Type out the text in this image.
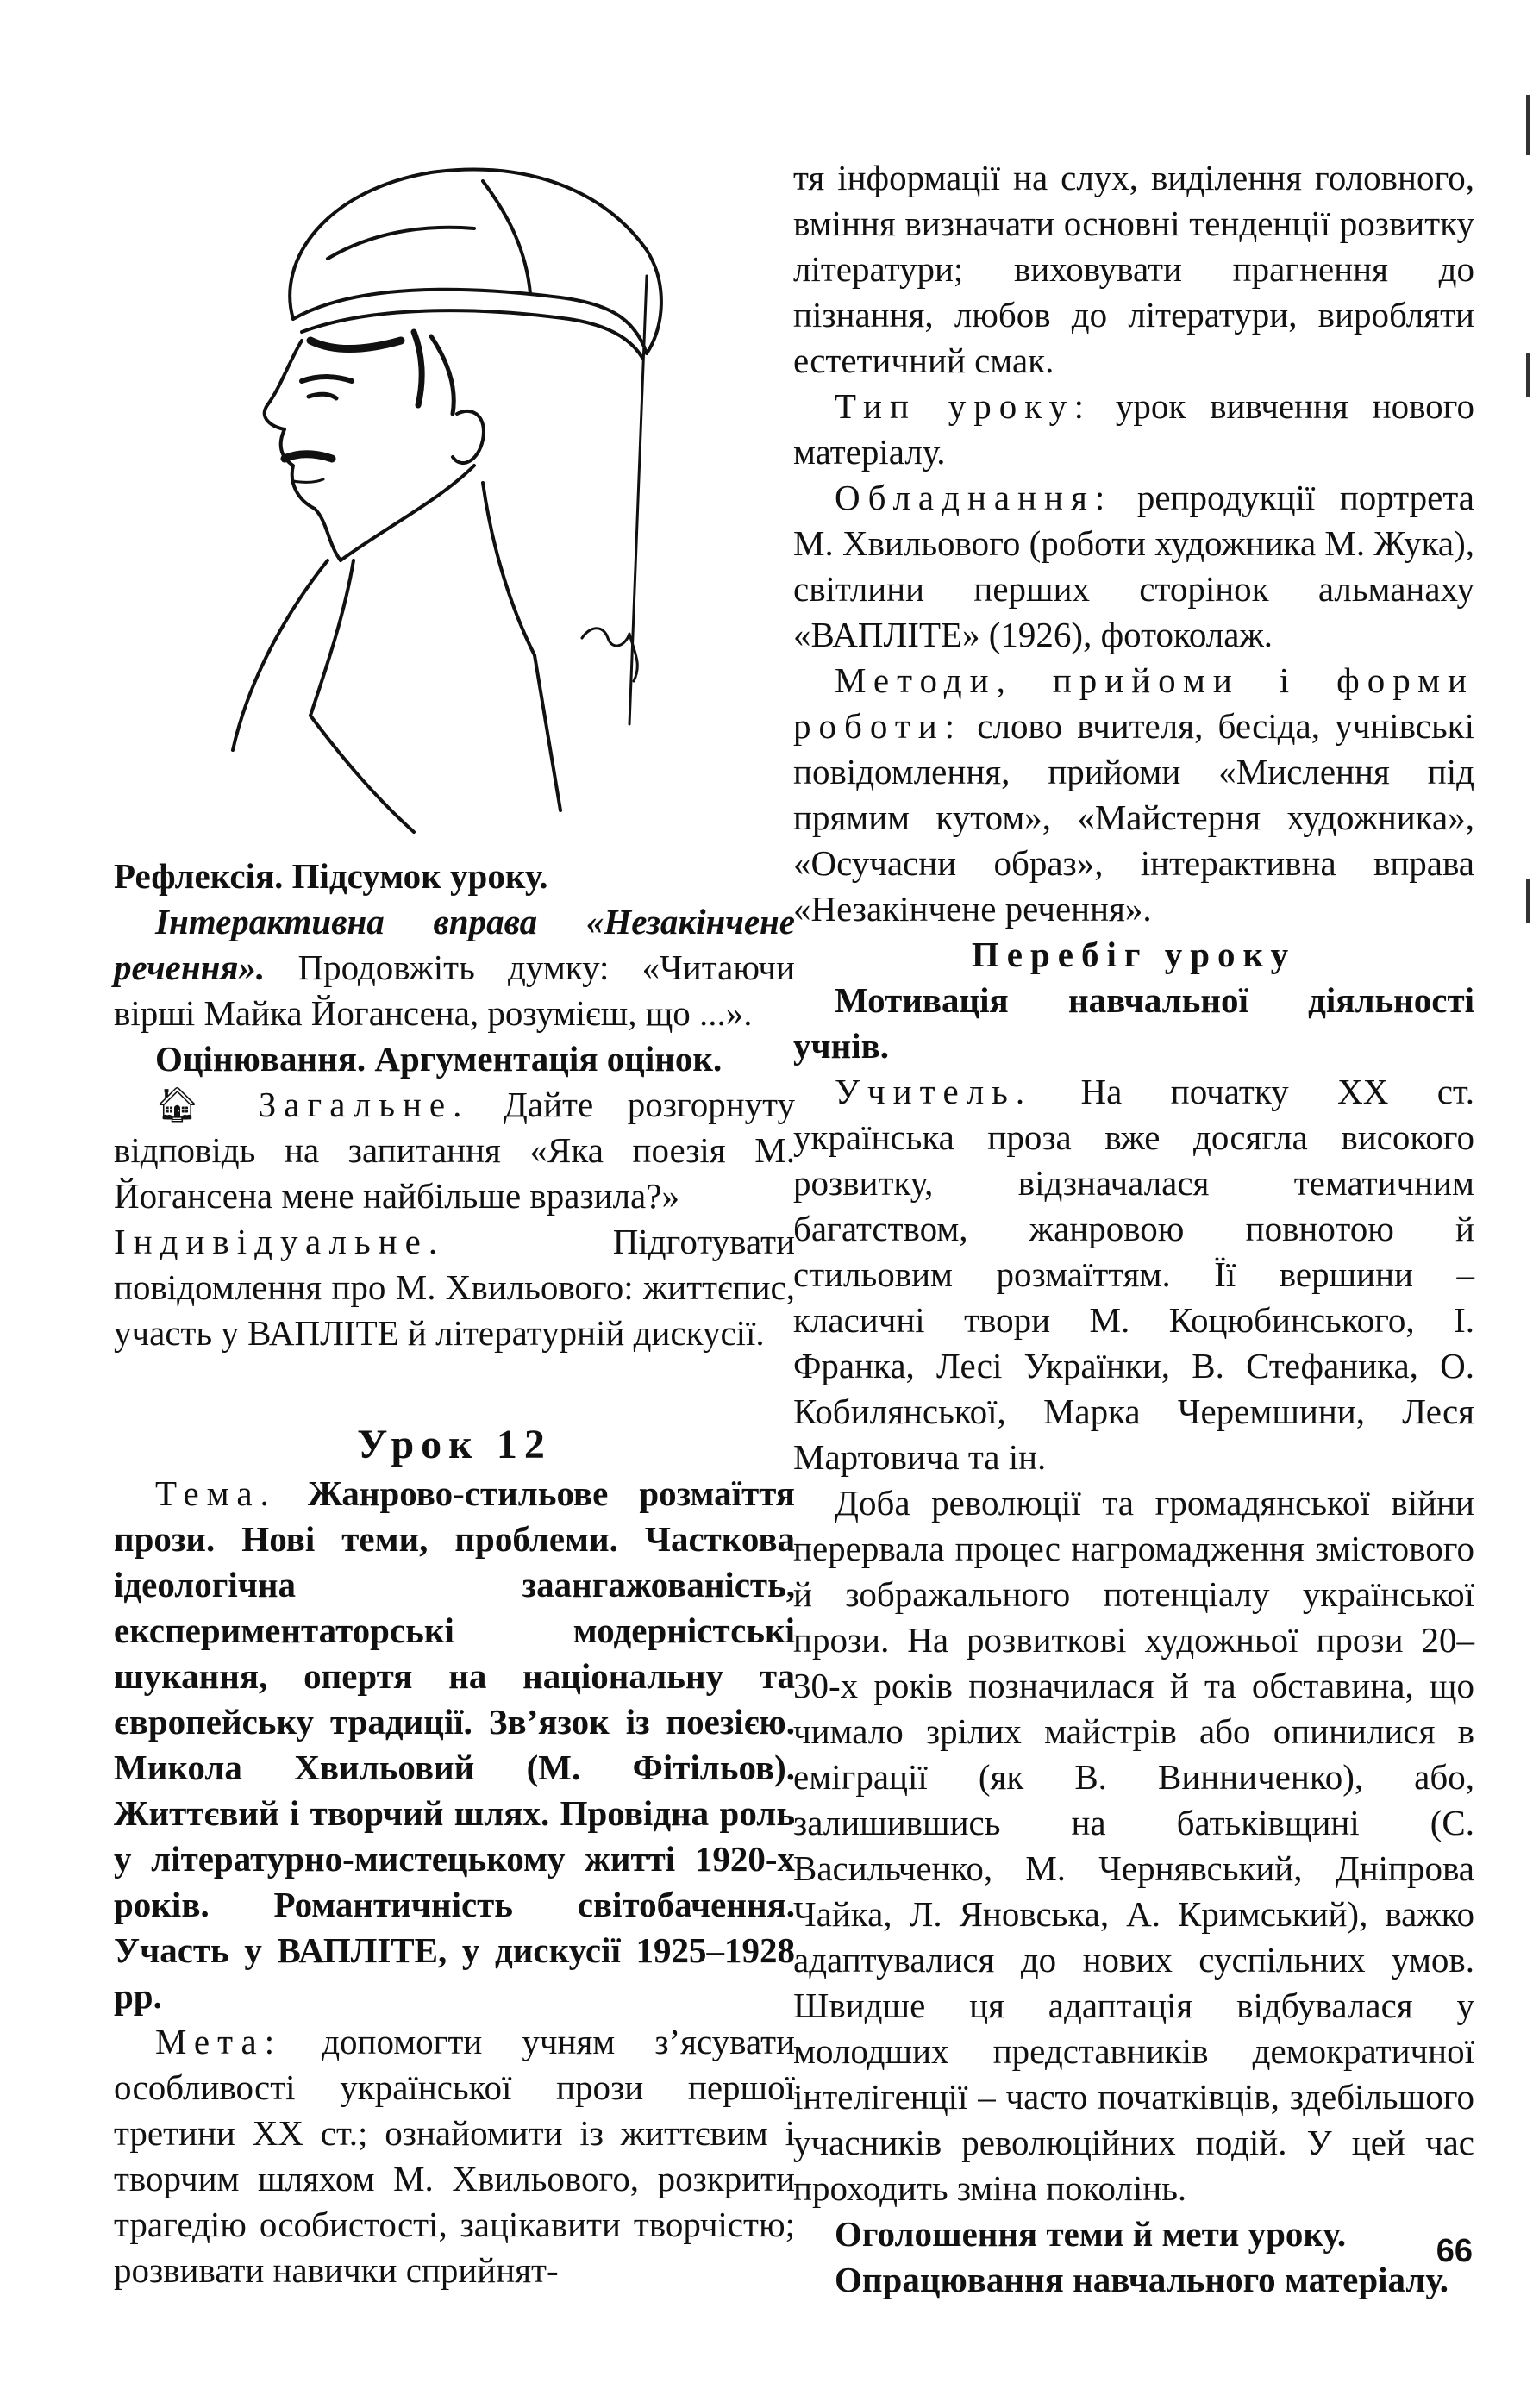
Рефлексія. Підсумок уроку.

Інтерактивна вправа «Незакінчене речення». Продовжіть думку: «Читаючи вірші Майка Йогансена, розумієш, що ...».

Оцінювання. Аргументація оцінок.

🏠︎ Загальне. Дайте розгорнуту відповідь на запитання «Яка поезія М. Йогансена мене найбільше вразила?»

Індивідуальне. Підготувати повідомлення про М. Хвильового: життєпис, участь у ВАПЛІТЕ й літературній дискусії.

Урок 12

Тема. Жанрово-стильове розмаїття прози. Нові теми, проблеми. Часткова ідеологічна заангажованість, експериментаторські модерністські шукання, опертя на національну та європейську традиції. Зв’язок із поезією. Микола Хвильовий (М. Фітільов). Життєвий і творчий шлях. Провідна роль у літературно-мистецькому житті 1920-х років. Романтичність світобачення. Участь у ВАПЛІТЕ, у дискусії 1925–1928 рр.

Мета: допомогти учням з’ясувати особливості української прози першої третини XX ст.; ознайомити із життєвим і творчим шляхом М. Хвильового, розкрити трагедію особистості, зацікавити творчістю; розвивати навички сприйнят-

тя інформації на слух, виділення головного, вміння визначати основні тенденції розвитку літератури; виховувати прагнення до пізнання, любов до літератури, виробляти естетичний смак.

Тип уроку: урок вивчення нового матеріалу.

Обладнання: репродукції портрета М. Хвильового (роботи художника М. Жука), світлини перших сторінок альманаху «ВАПЛІТЕ» (1926), фотоколаж.

Методи, прийоми і форми роботи: слово вчителя, бесіда, учнівські повідомлення, прийоми «Мислення під прямим кутом», «Майстерня художника», «Осучасни образ», інтерактивна вправа «Незакінчене речення».

Перебіг уроку

Мотивація навчальної діяльності учнів.

Учитель. На початку XX ст. українська проза вже досягла високого розвитку, відзначалася тематичним багатством, жанровою повнотою й стильовим розмаїттям. Її вершини – класичні твори М. Коцюбинського, І. Франка, Лесі Українки, В. Стефаника, О. Кобилянської, Марка Черемшини, Леся Мартовича та ін.

Доба революції та громадянської війни перервала процес нагромадження змістового й зображального потенціалу української прози. На розвиткові художньої прози 20–30-х років позначилася й та обставина, що чимало зрілих майстрів або опинилися в еміграції (як В. Винниченко), або, залишившись на батьківщині (С. Васильченко, М. Чернявський, Дніпрова Чайка, Л. Яновська, А. Кримський), важко адаптувалися до нових суспільних умов. Швидше ця адаптація відбувалася у молодших представників демократичної інтелігенції – часто початківців, здебільшого учасників революційних подій. У цей час проходить зміна поколінь.

Оголошення теми й мети уроку.

Опрацювання навчального матеріалу.

66
